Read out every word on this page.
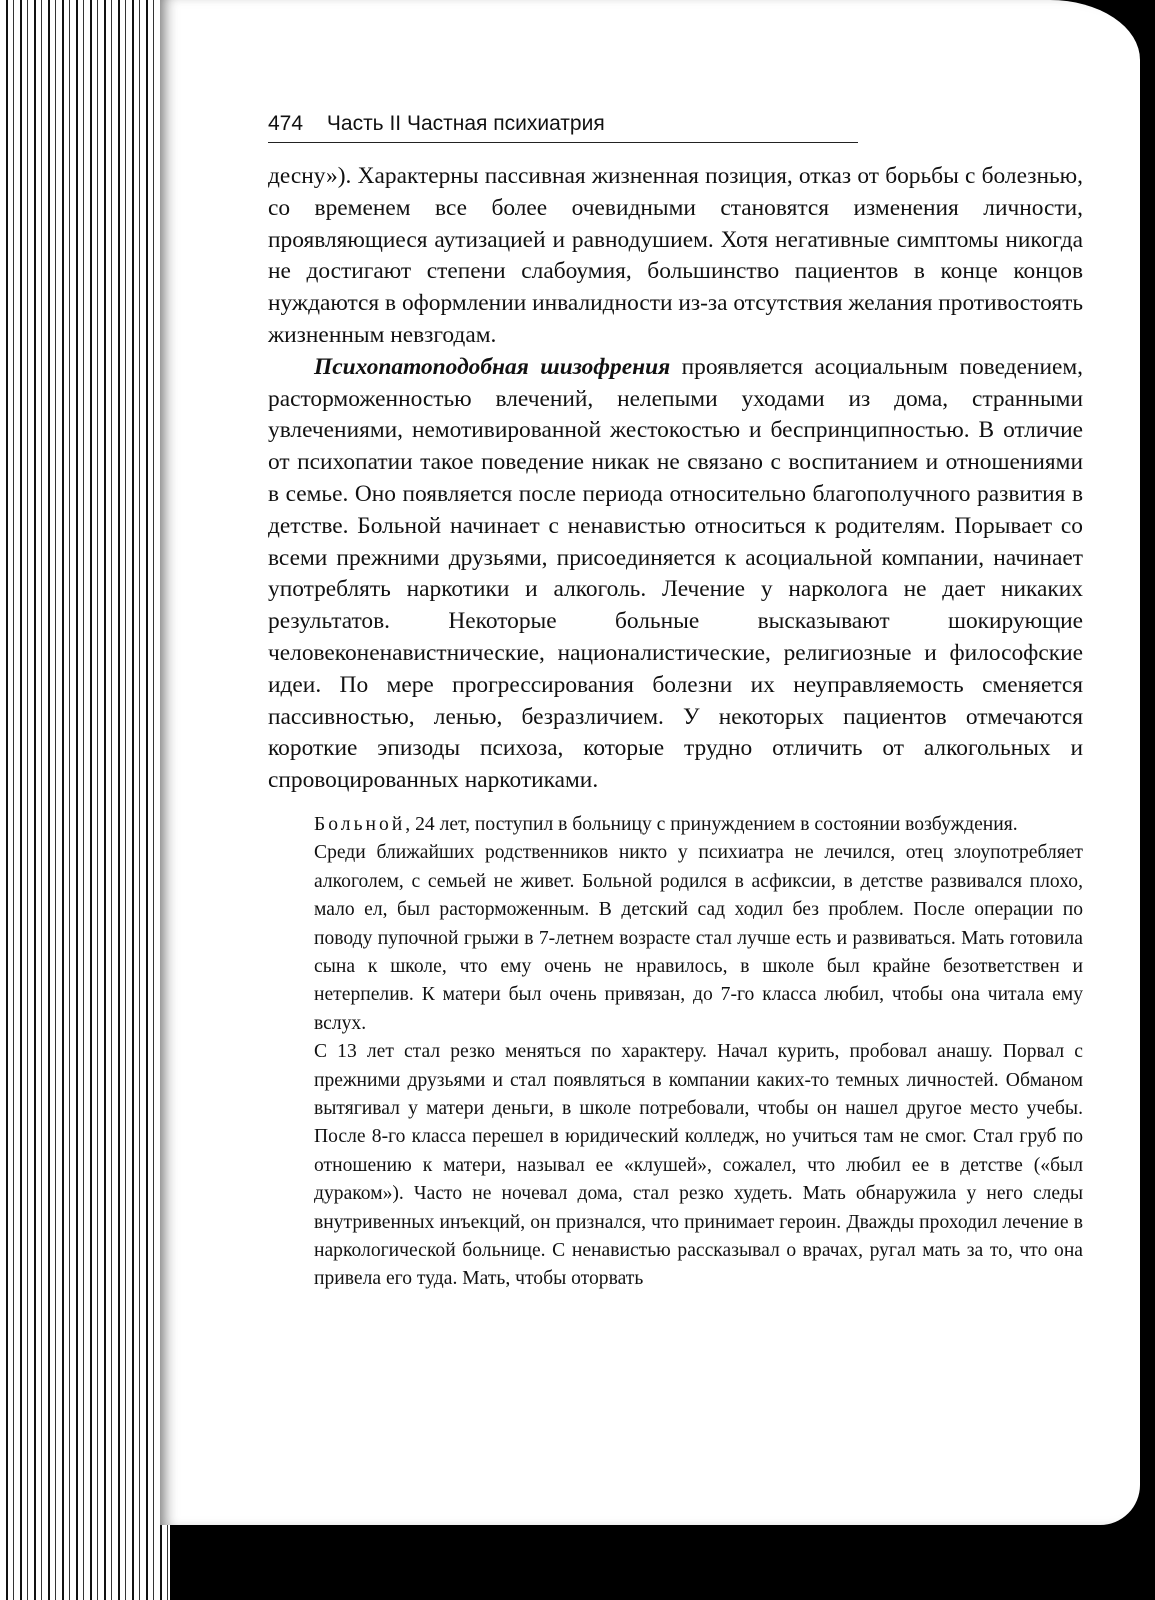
474 Часть II Частная психиатрия

десну»). Характерны пассивная жизненная позиция, отказ от борьбы с болезнью, со временем все более очевидными становятся изменения личности, проявляющиеся аутизацией и равнодушием. Хотя негативные симптомы никогда не достигают степени слабоумия, большинство пациентов в конце концов нуждаются в оформлении инвалидности из-за отсутствия желания противостоять жизненным невзгодам.

Психопатоподобная шизофрения проявляется асоциальным поведением, расторможенностью влечений, нелепыми уходами из дома, странными увлечениями, немотивированной жестокостью и беспринципностью. В отличие от психопатии такое поведение никак не связано с воспитанием и отношениями в семье. Оно появляется после периода относительно благополучного развития в детстве. Больной начинает с ненавистью относиться к родителям. Порывает со всеми прежними друзьями, присоединяется к асоциальной компании, начинает употреблять наркотики и алкоголь. Лечение у нарколога не дает никаких результатов. Некоторые больные высказывают шокирующие человеконенавистнические, националистические, религиозные и философские идеи. По мере прогрессирования болезни их неуправляемость сменяется пассивностью, ленью, безразличием. У некоторых пациентов отмечаются короткие эпизоды психоза, которые трудно отличить от алкогольных и спровоцированных наркотиками.

Больной, 24 лет, поступил в больницу с принуждением в состоянии возбуждения.

Среди ближайших родственников никто у психиатра не лечился, отец злоупотребляет алкоголем, с семьей не живет. Больной родился в асфиксии, в детстве развивался плохо, мало ел, был расторможенным. В детский сад ходил без проблем. После операции по поводу пупочной грыжи в 7-летнем возрасте стал лучше есть и развиваться. Мать готовила сына к школе, что ему очень не нравилось, в школе был крайне безответствен и нетерпелив. К матери был очень привязан, до 7-го класса любил, чтобы она читала ему вслух.

С 13 лет стал резко меняться по характеру. Начал курить, пробовал анашу. Порвал с прежними друзьями и стал появляться в компании каких-то темных личностей. Обманом вытягивал у матери деньги, в школе потребовали, чтобы он нашел другое место учебы. После 8-го класса перешел в юридический колледж, но учиться там не смог. Стал груб по отношению к матери, называл ее «клушей», сожалел, что любил ее в детстве («был дураком»). Часто не ночевал дома, стал резко худеть. Мать обнаружила у него следы внутривенных инъекций, он признался, что принимает героин. Дважды проходил лечение в наркологической больнице. С ненавистью рассказывал о врачах, ругал мать за то, что она привела его туда. Мать, чтобы оторвать
